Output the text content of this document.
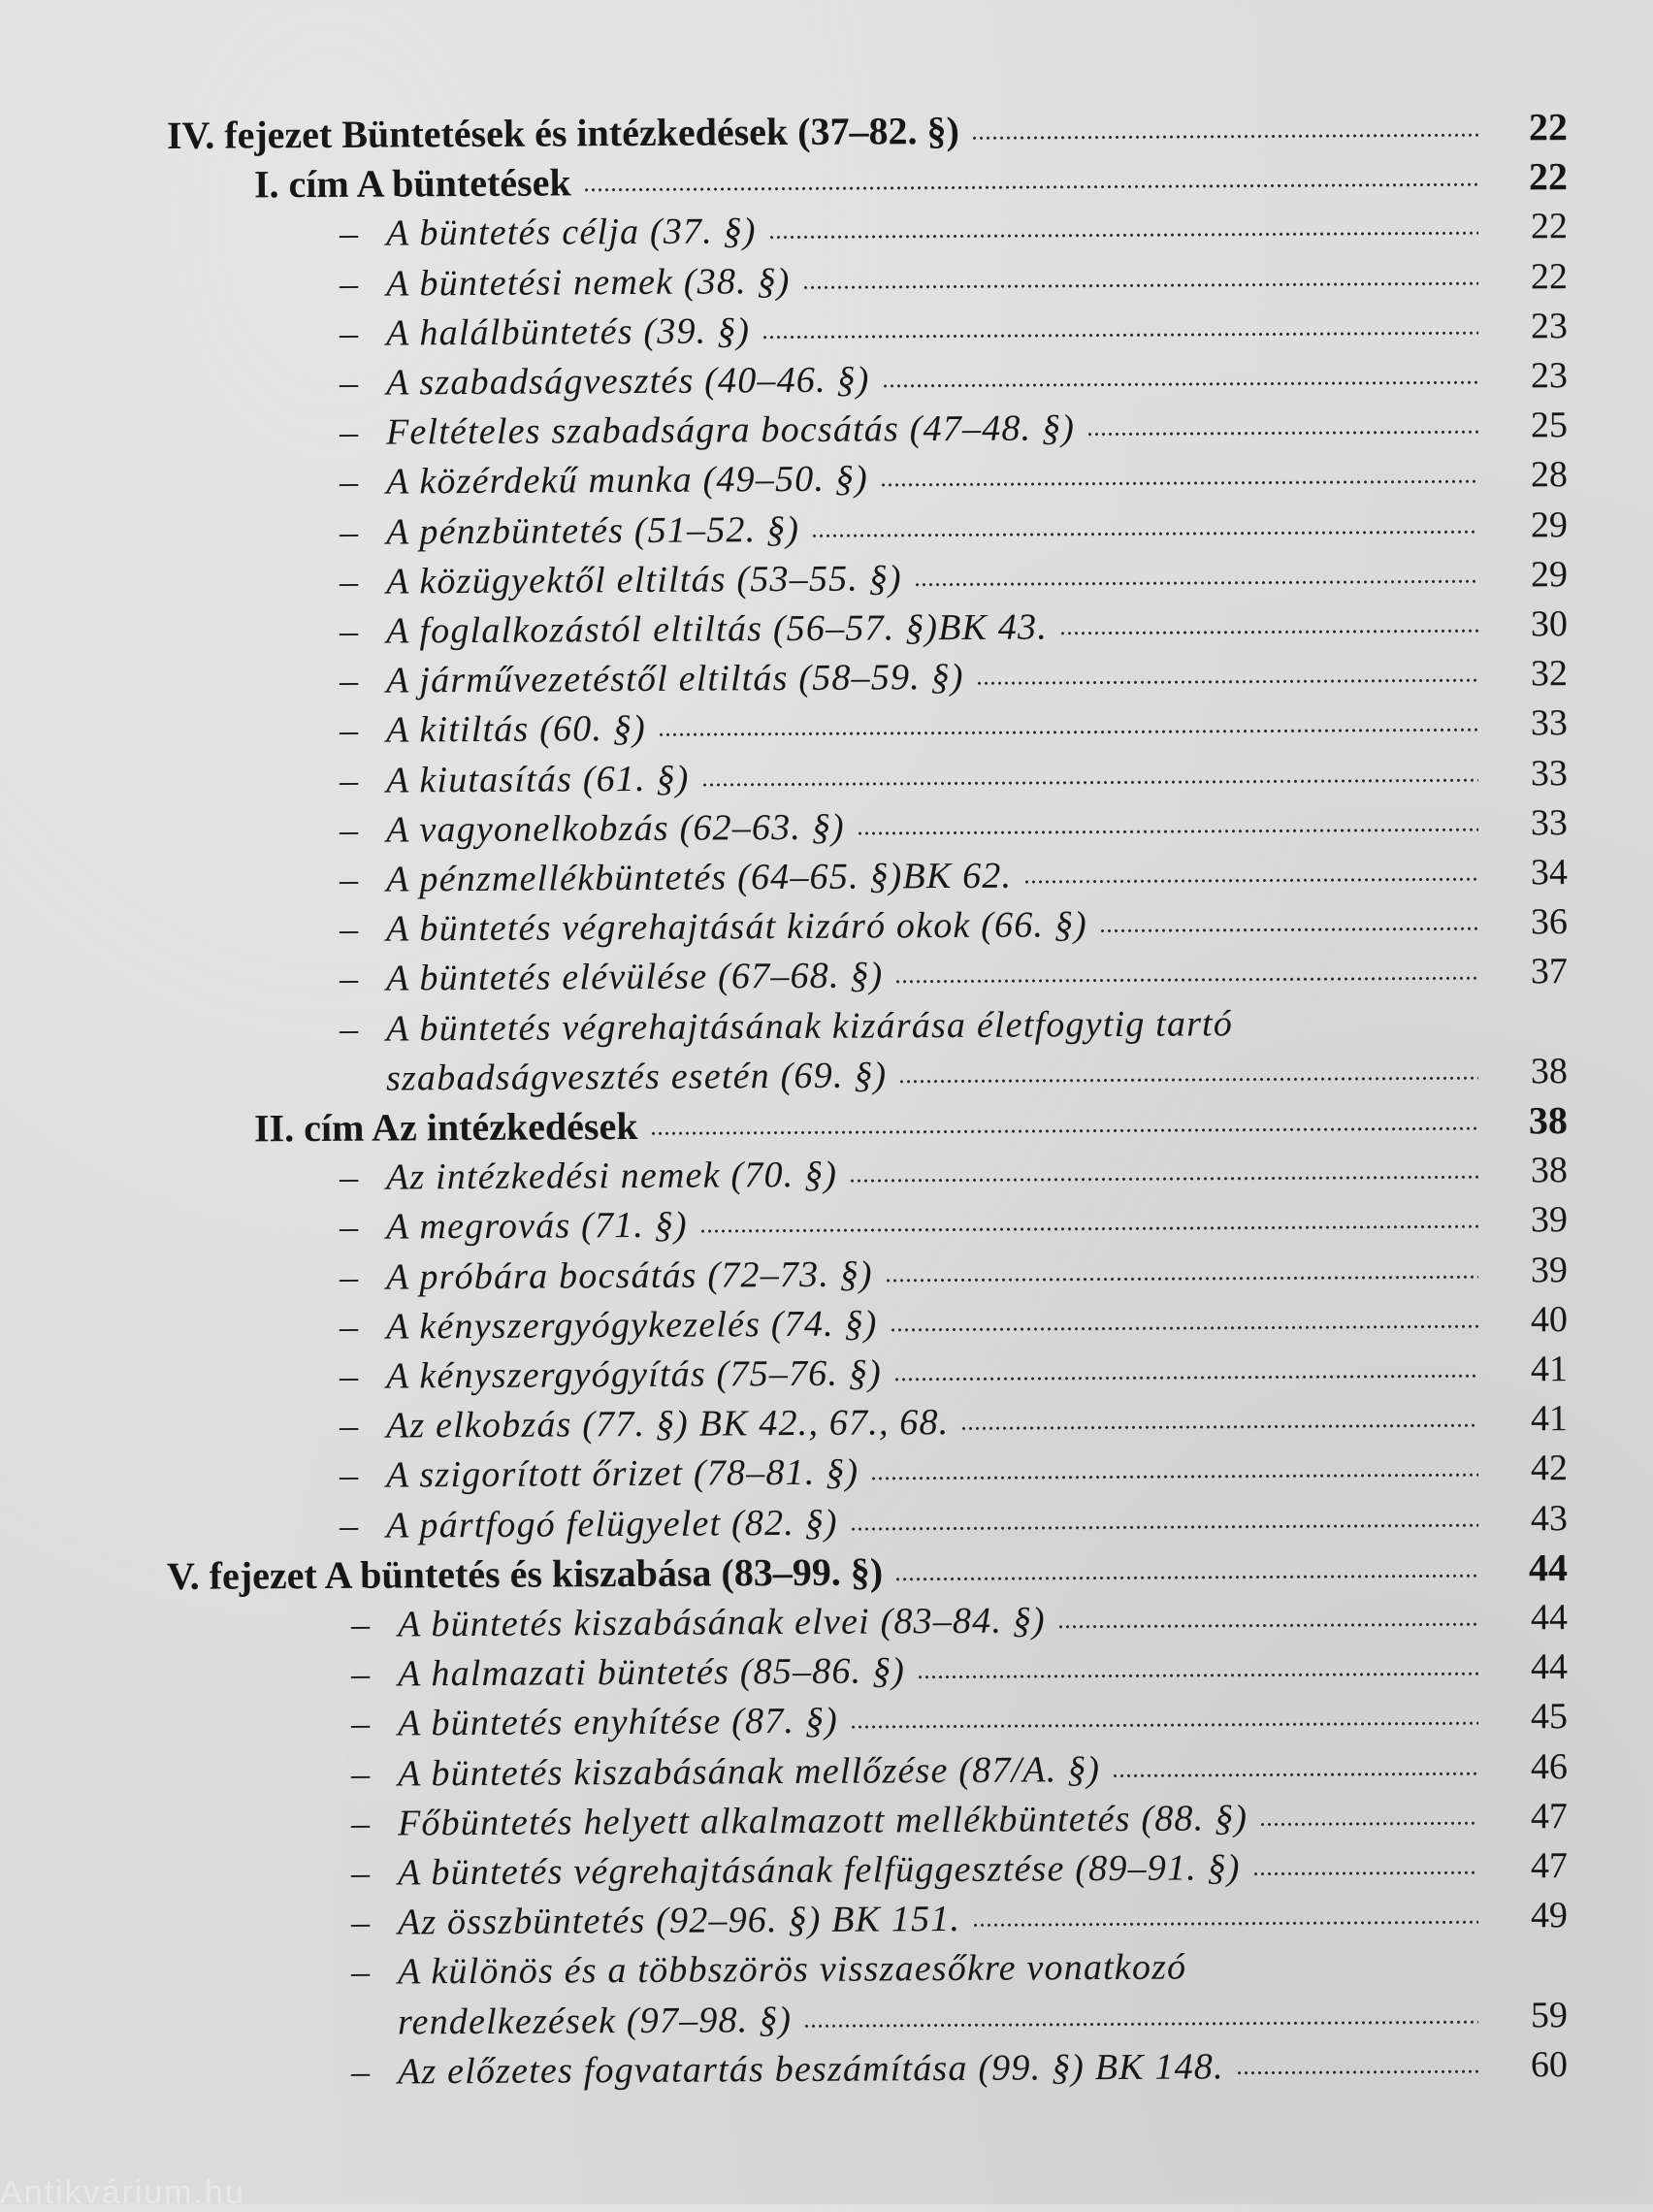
IV. fejezet Büntetések és intézkedések (37–82. §)	22
I. cím A büntetések	22
– A büntetés célja (37. §)	22
– A büntetési nemek (38. §)	22
– A halálbüntetés (39. §)	23
– A szabadságvesztés (40–46. §)	23
– Feltételes szabadságra bocsátás (47–48. §)	25
– A közérdekű munka (49–50. §)	28
– A pénzbüntetés (51–52. §)	29
– A közügyektől eltiltás (53–55. §)	29
– A foglalkozástól eltiltás (56–57. §)BK 43.	30
– A járművezetéstől eltiltás (58–59. §)	32
– A kitiltás (60. §)	33
– A kiutasítás (61. §)	33
– A vagyonelkobzás (62–63. §)	33
– A pénzmellékbüntetés (64–65. §)BK 62.	34
– A büntetés végrehajtását kizáró okok (66. §)	36
– A büntetés elévülése (67–68. §)	37
– A büntetés végrehajtásának kizárása életfogytig tartó
szabadságvesztés esetén (69. §)	38
II. cím Az intézkedések	38
– Az intézkedési nemek (70. §)	38
– A megrovás (71. §)	39
– A próbára bocsátás (72–73. §)	39
– A kényszergyógykezelés (74. §)	40
– A kényszergyógyítás (75–76. §)	41
– Az elkobzás (77. §) BK 42., 67., 68.	41
– A szigorított őrizet (78–81. §)	42
– A pártfogó felügyelet (82. §)	43
V. fejezet A büntetés és kiszabása (83–99. §)	44
– A büntetés kiszabásának elvei (83–84. §)	44
– A halmazati büntetés (85–86. §)	44
– A büntetés enyhítése (87. §)	45
– A büntetés kiszabásának mellőzése (87/A. §)	46
– Főbüntetés helyett alkalmazott mellékbüntetés (88. §)	47
– A büntetés végrehajtásának felfüggesztése (89–91. §)	47
– Az összbüntetés (92–96. §) BK 151.	49
– A különös és a többszörös visszaesőkre vonatkozó
rendelkezések (97–98. §)	59
– Az előzetes fogvatartás beszámítása (99. §) BK 148.	60
Antikvárium.hu
